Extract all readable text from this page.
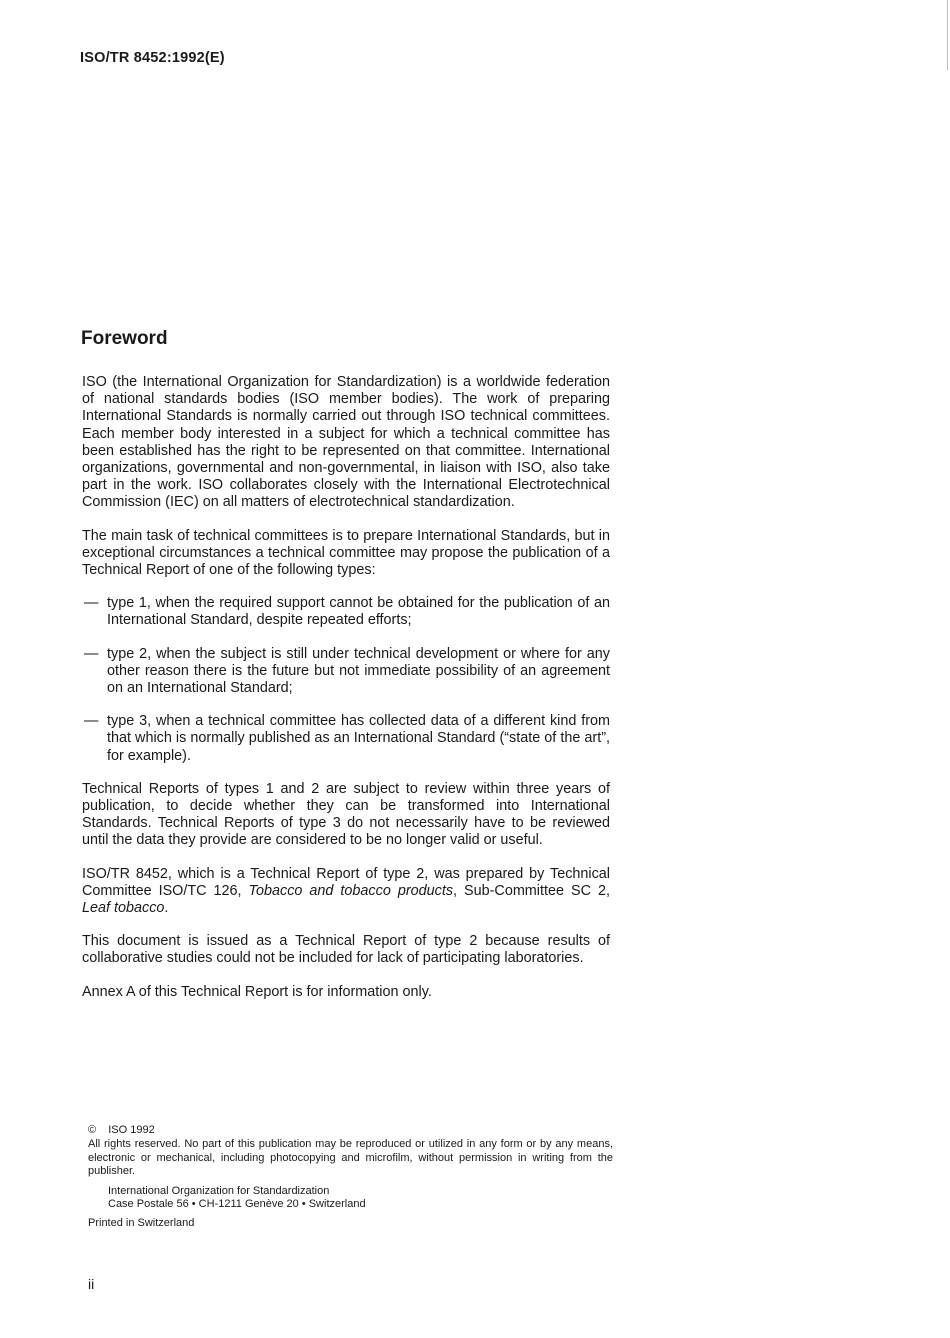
ISO/TR 8452:1992(E)
Foreword

ISO (the International Organization for Standardization) is a worldwide federation of national standards bodies (ISO member bodies). The work of preparing International Standards is normally carried out through ISO technical committees. Each member body interested in a subject for which a technical committee has been established has the right to be represented on that committee. International organizations, governmental and non-governmental, in liaison with ISO, also take part in the work. ISO collaborates closely with the International Electrotechnical Commission (IEC) on all matters of electrotechnical standardization.

The main task of technical committees is to prepare International Standards, but in exceptional circumstances a technical committee may propose the publication of a Technical Report of one of the following types:

— type 1, when the required support cannot be obtained for the publication of an International Standard, despite repeated efforts;
— type 2, when the subject is still under technical development or where for any other reason there is the future but not immediate possibility of an agreement on an International Standard;
— type 3, when a technical committee has collected data of a different kind from that which is normally published as an International Standard (“state of the art”, for example).

Technical Reports of types 1 and 2 are subject to review within three years of publication, to decide whether they can be transformed into International Standards. Technical Reports of type 3 do not necessarily have to be reviewed until the data they provide are considered to be no longer valid or useful.

ISO/TR 8452, which is a Technical Report of type 2, was prepared by Technical Committee ISO/TC 126, Tobacco and tobacco products, Sub-Committee SC 2, Leaf tobacco.

This document is issued as a Technical Report of type 2 because results of collaborative studies could not be included for lack of participating laboratories.

Annex A of this Technical Report is for information only.

© ISO 1992
All rights reserved. No part of this publication may be reproduced or utilized in any form or by any means, electronic or mechanical, including photocopying and microfilm, without permission in writing from the publisher.
International Organization for Standardization
Case Postale 56 • CH-1211 Genève 20 • Switzerland
Printed in Switzerland
ii
